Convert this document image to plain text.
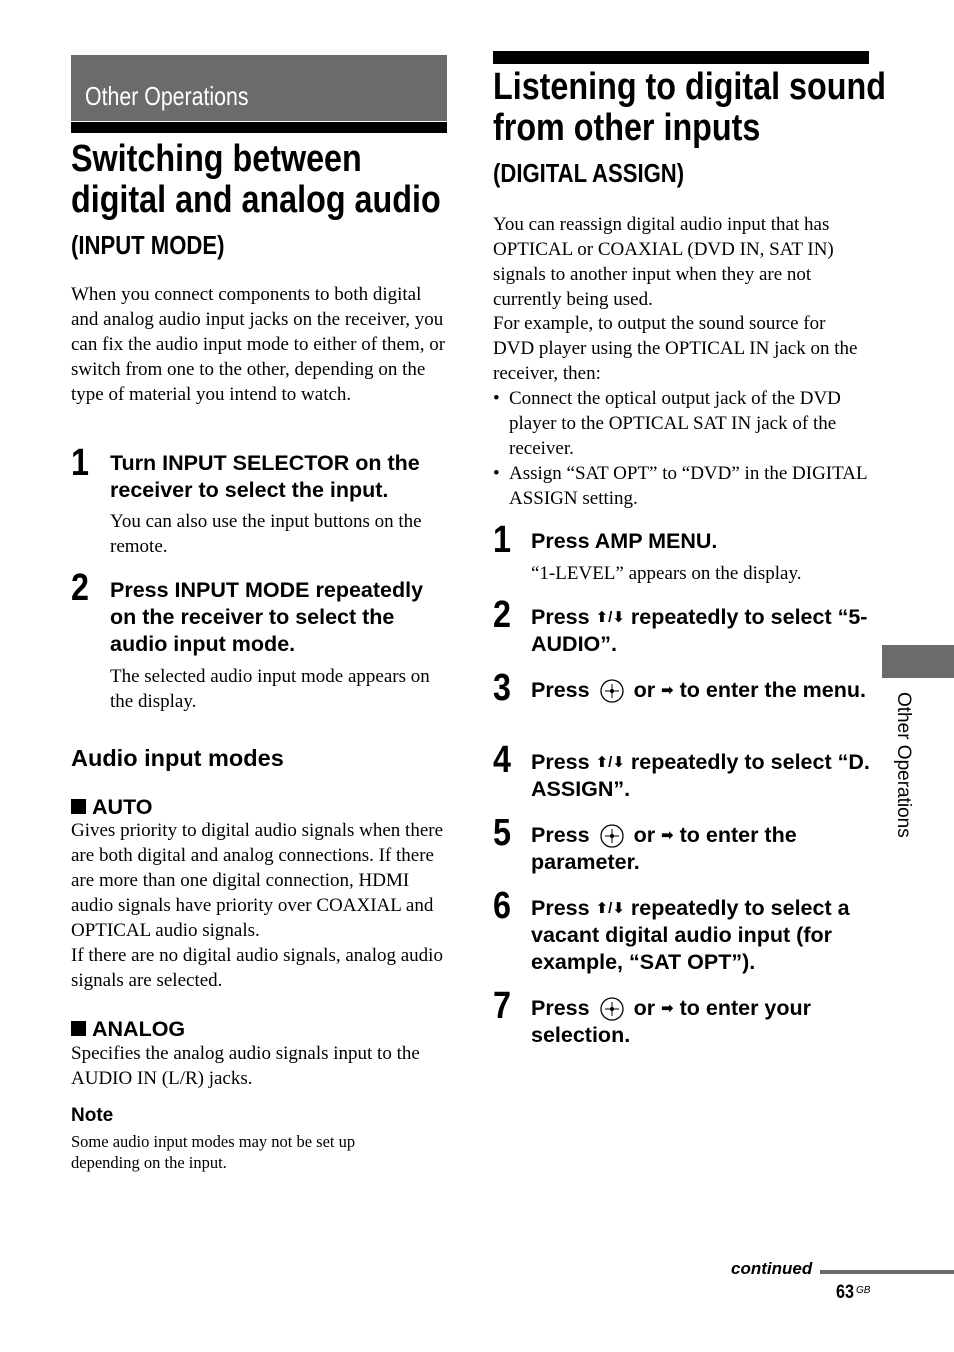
Other Operations
Switching between
digital and analog audio
(INPUT MODE)
When you connect components to both digital and analog audio input jacks on the receiver, you can fix the audio input mode to either of them, or switch from one to the other, depending on the type of material you intend to watch.
1 Turn INPUT SELECTOR on the receiver to select the input.
You can also use the input buttons on the remote.
2 Press INPUT MODE repeatedly on the receiver to select the audio input mode.
The selected audio input mode appears on the display.
Audio input modes
AUTO
Gives priority to digital audio signals when there are both digital and analog connections. If there are more than one digital connection, HDMI audio signals have priority over COAXIAL and OPTICAL audio signals.
If there are no digital audio signals, analog audio signals are selected.
ANALOG
Specifies the analog audio signals input to the AUDIO IN (L/R) jacks.
Note
Some audio input modes may not be set up depending on the input.
Listening to digital sound
from other inputs
(DIGITAL ASSIGN)
You can reassign digital audio input that has OPTICAL or COAXIAL (DVD IN, SAT IN) signals to another input when they are not currently being used.
For example, to output the sound source for DVD player using the OPTICAL IN jack on the receiver, then:
• Connect the optical output jack of the DVD player to the OPTICAL SAT IN jack of the receiver.
• Assign “SAT OPT” to “DVD” in the DIGITAL ASSIGN setting.
1 Press AMP MENU.
“1-LEVEL” appears on the display.
2 Press ⬆/⬇ repeatedly to select “5-AUDIO”.
3 Press or ➡ to enter the menu.
4 Press ⬆/⬇ repeatedly to select “D. ASSIGN”.
5 Press or ➡ to enter the parameter.
6 Press ⬆/⬇ repeatedly to select a vacant digital audio input (for example, “SAT OPT”).
7 Press or ➡ to enter your selection.
Other Operations
continued
63 GB
